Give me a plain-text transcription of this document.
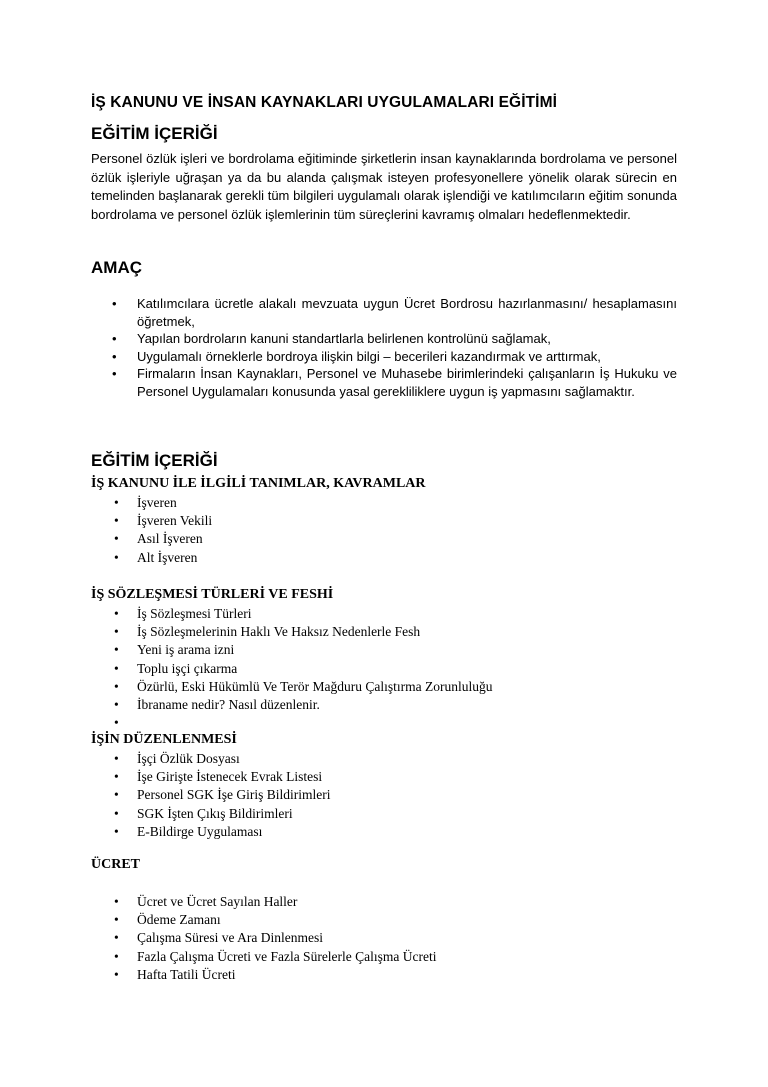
İŞ KANUNU VE İNSAN KAYNAKLARI UYGULAMALARI EĞİTİMİ
EĞİTİM İÇERİĞİ

Personel özlük işleri ve bordrolama eğitiminde şirketlerin insan kaynaklarında bordrolama ve personel özlük işleriyle uğraşan ya da bu alanda çalışmak isteyen profesyonellere yönelik olarak sürecin en temelinden başlanarak gerekli tüm bilgileri uygulamalı olarak işlendiği ve katılımcıların eğitim sonunda bordrolama ve personel özlük işlemlerinin tüm süreçlerini kavramış olmaları hedeflenmektedir.

AMAÇ
• Katılımcılara ücretle alakalı mevzuata uygun Ücret Bordrosu hazırlanmasını/ hesaplamasını öğretmek,
• Yapılan bordroların kanuni standartlarla belirlenen kontrolünü sağlamak,
• Uygulamalı örneklerle bordroya ilişkin bilgi – becerileri kazandırmak ve arttırmak,
• Firmaların İnsan Kaynakları, Personel ve Muhasebe birimlerindeki çalışanların İş Hukuku ve Personel Uygulamaları konusunda yasal gerekliliklere uygun iş yapmasını sağlamaktır.
EĞİTİM İÇERİĞİ
İŞ KANUNU İLE İLGİLİ TANIMLAR, KAVRAMLAR
• İşveren
• İşveren Vekili
• Asıl İşveren
• Alt İşveren
İŞ SÖZLEŞMESİ TÜRLERİ VE FESHİ
• İş Sözleşmesi Türleri
• İş Sözleşmelerinin Haklı Ve Haksız Nedenlerle Fesh
• Yeni iş arama izni
• Toplu işçi çıkarma
• Özürlü, Eski Hükümlü Ve Terör Mağduru Çalıştırma Zorunluluğu
• İbraname nedir? Nasıl düzenlenir.
•
İŞİN DÜZENLENMESİ
• İşçi Özlük Dosyası
• İşe Girişte İstenecek Evrak Listesi
• Personel SGK İşe Giriş Bildirimleri
• SGK İşten Çıkış Bildirimleri
• E-Bildirge Uygulaması
ÜCRET
• Ücret ve Ücret Sayılan Haller
• Ödeme Zamanı
• Çalışma Süresi ve Ara Dinlenmesi
• Fazla Çalışma Ücreti ve Fazla Sürelerle Çalışma Ücreti
• Hafta Tatili Ücreti
